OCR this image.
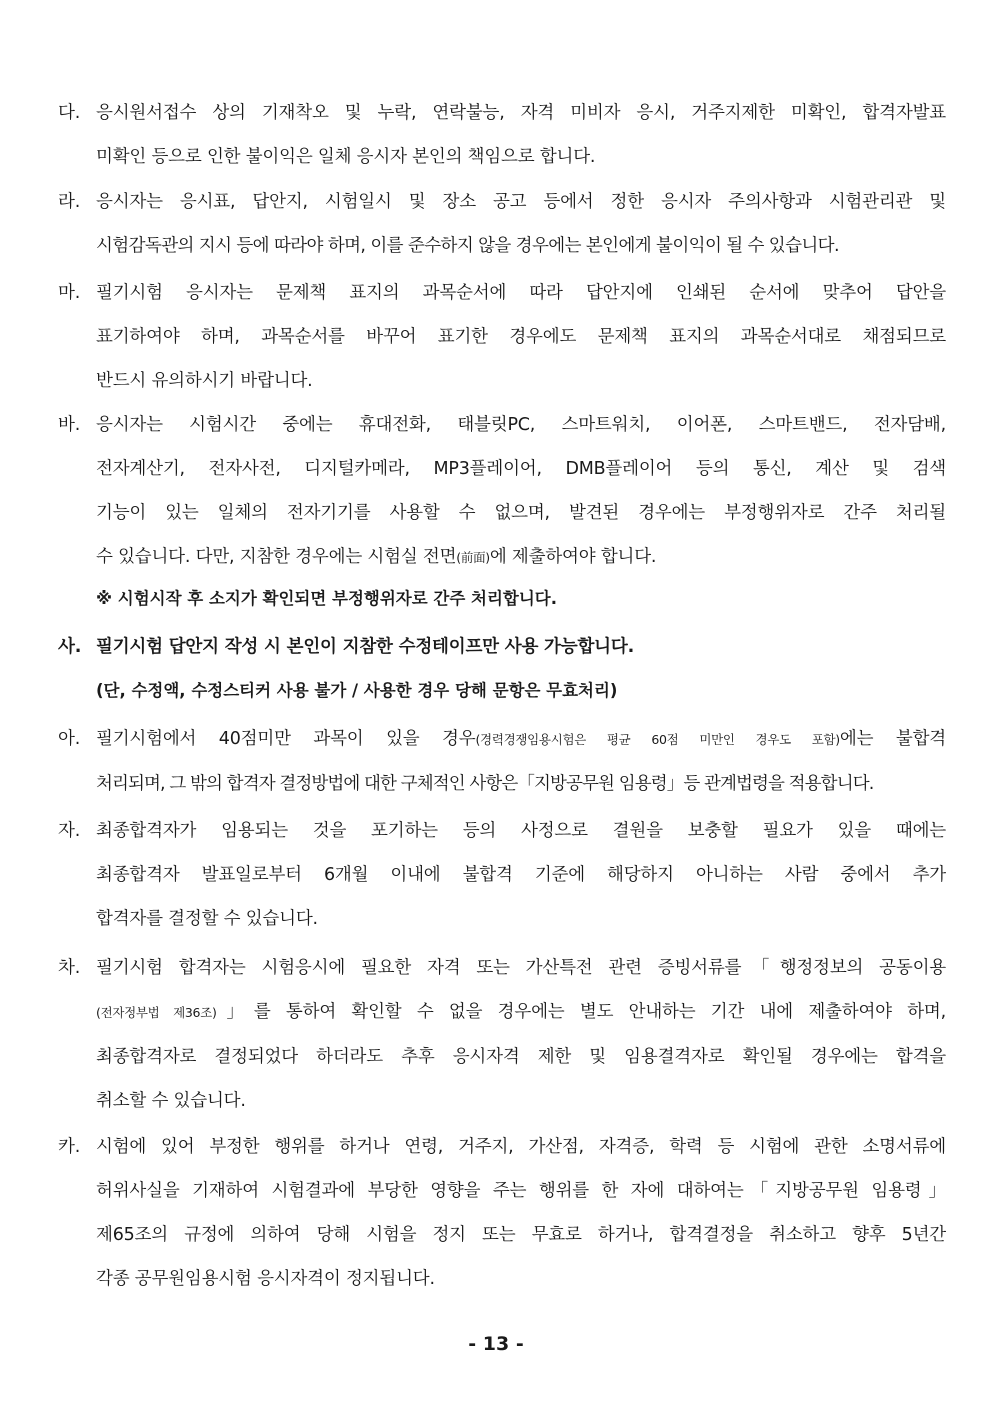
다. 응시원서접수 상의 기재착오 및 누락, 연락불능, 자격 미비자 응시, 거주지제한 미확인, 합격자발표
미확인 등으로 인한 불이익은 일체 응시자 본인의 책임으로 합니다.
라. 응시자는 응시표, 답안지, 시험일시 및 장소 공고 등에서 정한 응시자 주의사항과 시험관리관 및
시험감독관의 지시 등에 따라야 하며, 이를 준수하지 않을 경우에는 본인에게 불이익이 될 수 있습니다.
마. 필기시험 응시자는 문제책 표지의 과목순서에 따라 답안지에 인쇄된 순서에 맞추어 답안을
표기하여야 하며, 과목순서를 바꾸어 표기한 경우에도 문제책 표지의 과목순서대로 채점되므로
반드시 유의하시기 바랍니다.
바. 응시자는 시험시간 중에는 휴대전화, 태블릿PC, 스마트워치, 이어폰, 스마트밴드, 전자담배,
전자계산기, 전자사전, 디지털카메라, MP3플레이어, DMB플레이어 등의 통신, 계산 및 검색
기능이 있는 일체의 전자기기를 사용할 수 없으며, 발견된 경우에는 부정행위자로 간주 처리될
수 있습니다. 다만, 지참한 경우에는 시험실 전면(前面)에 제출하여야 합니다.
※ 시험시작 후 소지가 확인되면 부정행위자로 간주 처리합니다.
사. 필기시험 답안지 작성 시 본인이 지참한 수정테이프만 사용 가능합니다.
(단, 수정액, 수정스티커 사용 불가 / 사용한 경우 당해 문항은 무효처리)
아. 필기시험에서 40점미만 과목이 있을 경우(경력경쟁임용시험은 평균 60점 미만인 경우도 포함)에는 불합격
처리되며, 그 밖의 합격자 결정방법에 대한 구체적인 사항은「지방공무원 임용령」등 관계법령을 적용합니다.
자. 최종합격자가 임용되는 것을 포기하는 등의 사정으로 결원을 보충할 필요가 있을 때에는
최종합격자 발표일로부터 6개월 이내에 불합격 기준에 해당하지 아니하는 사람 중에서 추가
합격자를 결정할 수 있습니다.
차. 필기시험 합격자는 시험응시에 필요한 자격 또는 가산특전 관련 증빙서류를「행정정보의 공동이용
(전자정부법 제36조)」를 통하여 확인할 수 없을 경우에는 별도 안내하는 기간 내에 제출하여야 하며,
최종합격자로 결정되었다 하더라도 추후 응시자격 제한 및 임용결격자로 확인될 경우에는 합격을
취소할 수 있습니다.
카. 시험에 있어 부정한 행위를 하거나 연령, 거주지, 가산점, 자격증, 학력 등 시험에 관한 소명서류에
허위사실을 기재하여 시험결과에 부당한 영향을 주는 행위를 한 자에 대하여는「지방공무원 임용령」
제65조의 규정에 의하여 당해 시험을 정지 또는 무효로 하거나, 합격결정을 취소하고 향후 5년간
각종 공무원임용시험 응시자격이 정지됩니다.
- 13 -
